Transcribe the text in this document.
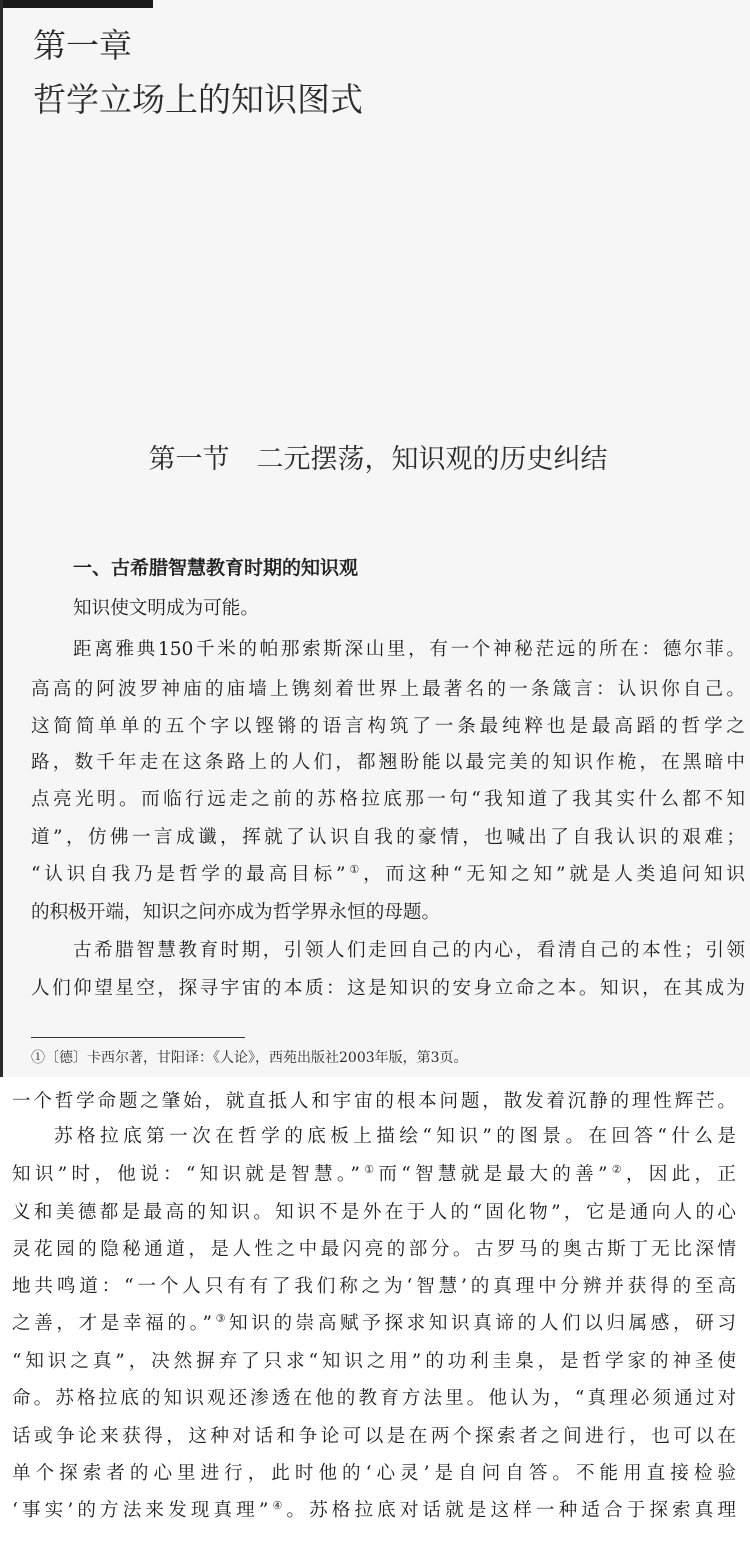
第一章
哲学立场上的知识图式
第一节　二元摆荡，知识观的历史纠结
一、古希腊智慧教育时期的知识观
知识使文明成为可能。
距离雅典150千米的帕那索斯深山里，有一个神秘茫远的所在：德尔菲。
高高的阿波罗神庙的庙墙上镌刻着世界上最著名的一条箴言：认识你自己。
这简简单单的五个字以铿锵的语言构筑了一条最纯粹也是最高蹈的哲学之
路，数千年走在这条路上的人们，都翘盼能以最完美的知识作桅，在黑暗中
点亮光明。而临行远走之前的苏格拉底那一句“我知道了我其实什么都不知
道”，仿佛一言成谶，挥就了认识自我的豪情，也喊出了自我认识的艰难；
“认识自我乃是哲学的最高目标”①，而这种“无知之知”就是人类追问知识
的积极开端，知识之问亦成为哲学界永恒的母题。
古希腊智慧教育时期，引领人们走回自己的内心，看清自己的本性；引领
人们仰望星空，探寻宇宙的本质：这是知识的安身立命之本。知识，在其成为
①〔德〕卡西尔著，甘阳译：《人论》，西苑出版社2003年版，第3页。
一个哲学命题之肇始，就直抵人和宇宙的根本问题，散发着沉静的理性辉芒。
苏格拉底第一次在哲学的底板上描绘“知识”的图景。在回答“什么是
知识”时，他说：“知识就是智慧。”①而“智慧就是最大的善”②，因此，正
义和美德都是最高的知识。知识不是外在于人的“固化物”，它是通向人的心
灵花园的隐秘通道，是人性之中最闪亮的部分。古罗马的奥古斯丁无比深情
地共鸣道：“一个人只有有了我们称之为‘智慧’的真理中分辨并获得的至高
之善，才是幸福的。”③知识的崇高赋予探求知识真谛的人们以归属感，研习
“知识之真”，决然摒弃了只求“知识之用”的功利圭臬，是哲学家的神圣使
命。苏格拉底的知识观还渗透在他的教育方法里。他认为，“真理必须通过对
话或争论来获得，这种对话和争论可以是在两个探索者之间进行，也可以在
单个探索者的心里进行，此时他的‘心灵’是自问自答。不能用直接检验
‘事实’的方法来发现真理”④。苏格拉底对话就是这样一种适合于探索真理
